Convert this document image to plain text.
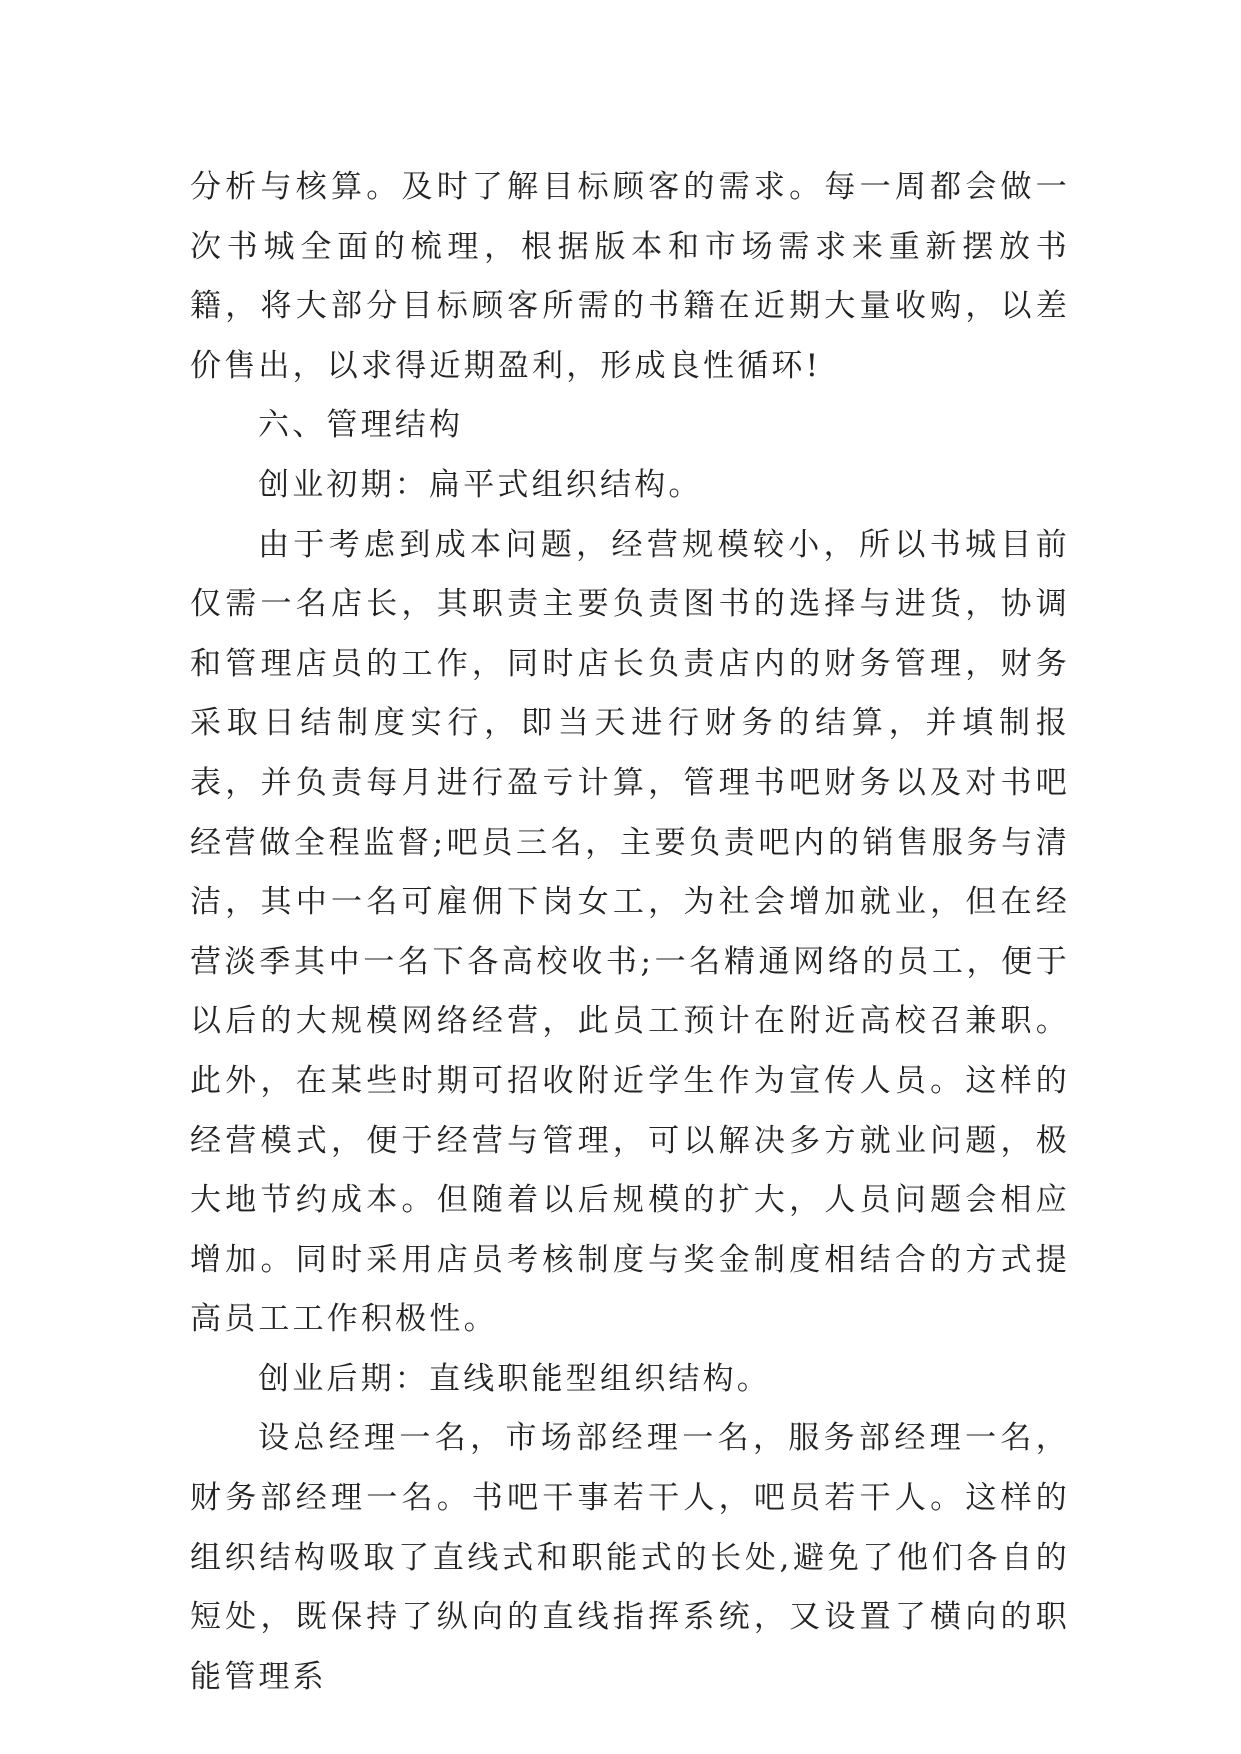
分析与核算。及时了解目标顾客的需求。每一周都会做一次书城全面的梳理，根据版本和市场需求来重新摆放书籍，将大部分目标顾客所需的书籍在近期大量收购，以差价售出，以求得近期盈利，形成良性循环!

六、管理结构

创业初期：扁平式组织结构。

由于考虑到成本问题，经营规模较小，所以书城目前仅需一名店长，其职责主要负责图书的选择与进货，协调和管理店员的工作，同时店长负责店内的财务管理，财务采取日结制度实行，即当天进行财务的结算，并填制报表，并负责每月进行盈亏计算，管理书吧财务以及对书吧经营做全程监督;吧员三名，主要负责吧内的销售服务与清洁，其中一名可雇佣下岗女工，为社会增加就业，但在经营淡季其中一名下各高校收书;一名精通网络的员工，便于以后的大规模网络经营，此员工预计在附近高校召兼职。此外，在某些时期可招收附近学生作为宣传人员。这样的经营模式，便于经营与管理，可以解决多方就业问题，极大地节约成本。但随着以后规模的扩大，人员问题会相应增加。同时采用店员考核制度与奖金制度相结合的方式提高员工工作积极性。

创业后期：直线职能型组织结构。

设总经理一名，市场部经理一名，服务部经理一名，财务部经理一名。书吧干事若干人，吧员若干人。这样的组织结构吸取了直线式和职能式的长处,避免了他们各自的短处，既保持了纵向的直线指挥系统，又设置了横向的职能管理系
